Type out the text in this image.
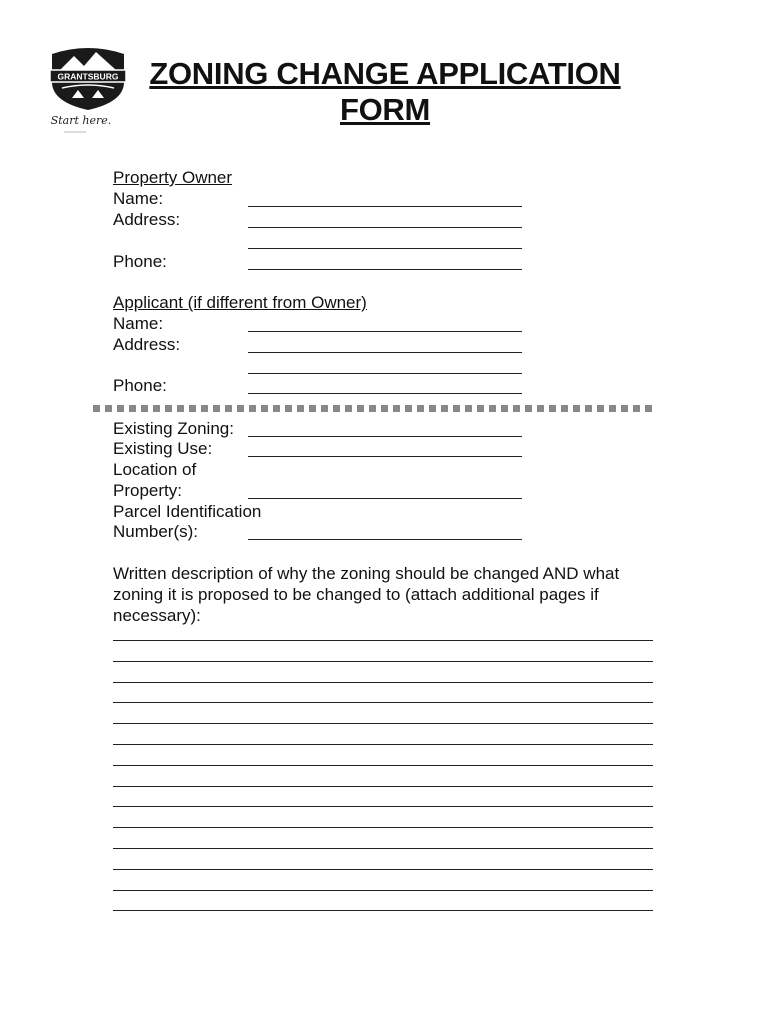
GRANTSBURG
Start here.
ZONING CHANGE APPLICATION
FORM
Property Owner
Name:
Address:
Phone:
Applicant (if different from Owner)
Name:
Address:
Phone:
Existing Zoning:
Existing Use:
Location of
Property:
Parcel Identification
Number(s):
Written description of why the zoning should be changed AND what zoning it is proposed to be changed to (attach additional pages if necessary):
